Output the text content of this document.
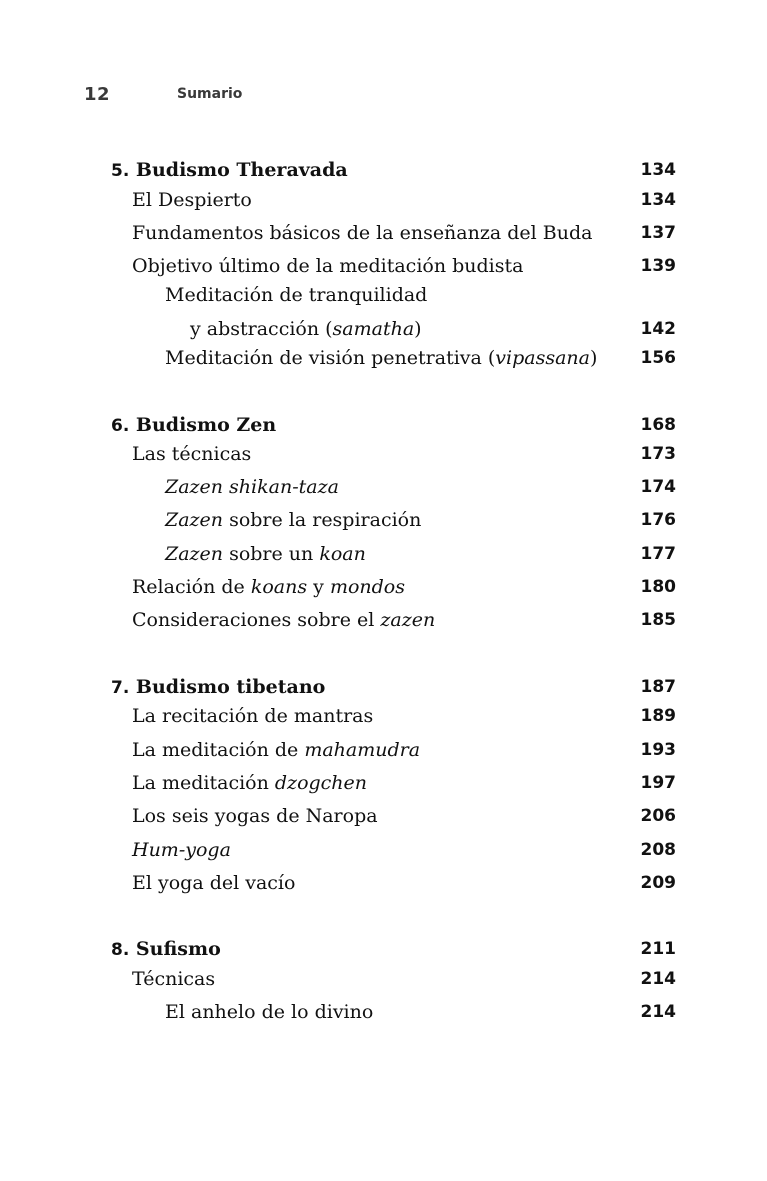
12	Sumario
5. Budismo Theravada	134
El Despierto	134
Fundamentos básicos de la enseñanza del Buda	137
Objetivo último de la meditación budista	139
Meditación de tranquilidad
y abstracción (samatha)	142
Meditación de visión penetrativa (vipassana)	156
6. Budismo Zen	168
Las técnicas	173
Zazen shikan-taza	174
Zazen sobre la respiración	176
Zazen sobre un koan	177
Relación de koans y mondos	180
Consideraciones sobre el zazen	185
7. Budismo tibetano	187
La recitación de mantras	189
La meditación de mahamudra	193
La meditación dzogchen	197
Los seis yogas de Naropa	206
Hum-yoga	208
El yoga del vacío	209
8. Sufismo	211
Técnicas	214
El anhelo de lo divino	214
